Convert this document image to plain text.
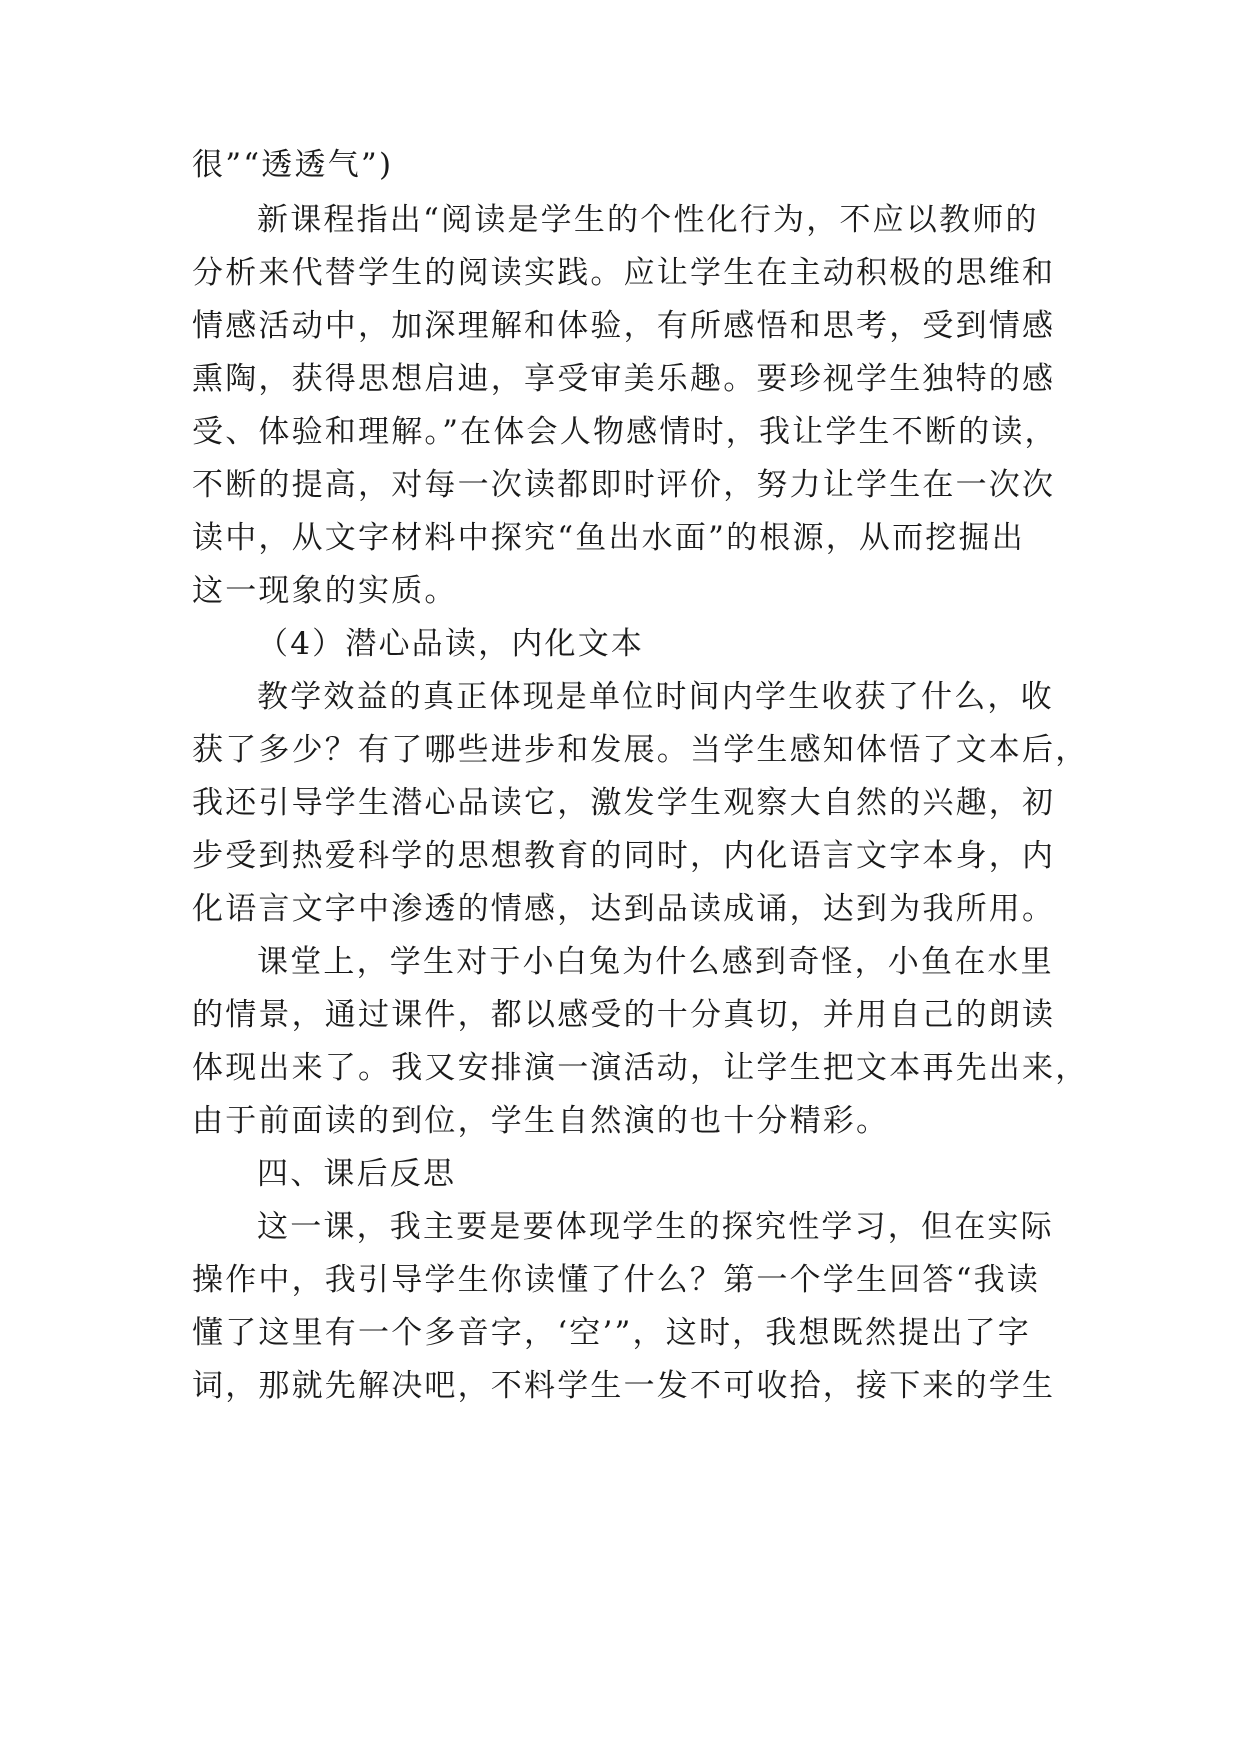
很”“透透气”)
新课程指出“阅读是学生的个性化行为，不应以教师的
分析来代替学生的阅读实践。应让学生在主动积极的思维和
情感活动中，加深理解和体验，有所感悟和思考，受到情感
熏陶，获得思想启迪，享受审美乐趣。要珍视学生独特的感
受、体验和理解。”在体会人物感情时，我让学生不断的读，
不断的提高，对每一次读都即时评价，努力让学生在一次次
读中，从文字材料中探究“鱼出水面”的根源，从而挖掘出
这一现象的实质。
（4）潜心品读，内化文本
教学效益的真正体现是单位时间内学生收获了什么，收
获了多少？有了哪些进步和发展。当学生感知体悟了文本后，
我还引导学生潜心品读它，激发学生观察大自然的兴趣，初
步受到热爱科学的思想教育的同时，内化语言文字本身，内
化语言文字中渗透的情感，达到品读成诵，达到为我所用。
课堂上，学生对于小白兔为什么感到奇怪，小鱼在水里
的情景，通过课件，都以感受的十分真切，并用自己的朗读
体现出来了。我又安排演一演活动，让学生把文本再先出来，
由于前面读的到位，学生自然演的也十分精彩。
四、课后反思
这一课，我主要是要体现学生的探究性学习，但在实际
操作中，我引导学生你读懂了什么？第一个学生回答“我读
懂了这里有一个多音字，‘空’”，这时，我想既然提出了字
词，那就先解决吧，不料学生一发不可收拾，接下来的学生
